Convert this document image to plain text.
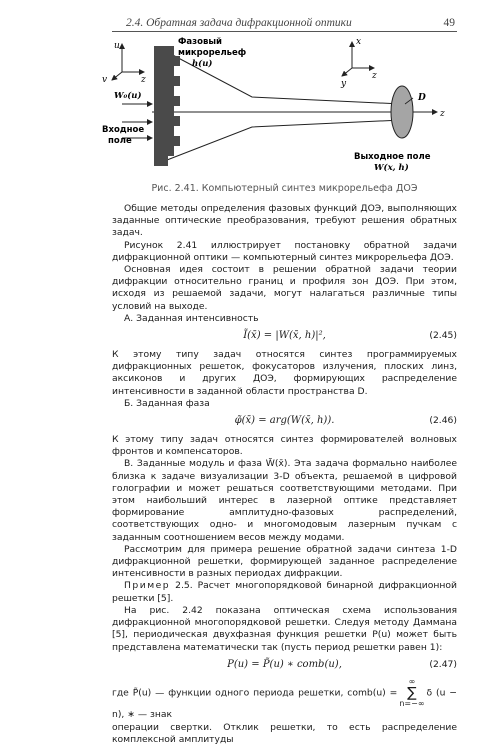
2.4. Обратная задача дифракционной оптики	49
u
v	z
Фазовый
микрорельеф
h(u)
W₀(u)
Входное
поле
D
x
y
z
z
Выходное поле
W(x, h)
Рис. 2.41. Компьютерный синтез микрорельефа ДОЭ

Общие методы определения фазовых функций ДОЭ, выполняющих заданные оптические преобразования, требуют решения обратных задач.

Рисунок 2.41 иллюстрирует постановку обратной задачи дифракционной оптики — компьютерный синтез микрорельефа ДОЭ.

Основная идея состоит в решении обратной задачи теории дифракции относительно границ и профиля зон ДОЭ. При этом, исходя из решаемой задачи, могут налагаться различные типы условий на выходе.

А. Заданная интенсивность

Ĩ(x̄) = |W(x̄, h)|²,	(2.45)

К этому типу задач относятся синтез программируемых дифракционных решеток, фокусаторов излучения, плоских линз, аксиконов и других ДОЭ, формирующих распределение интенсивности в заданной области пространства D.

Б. Заданная фаза

φ̃(x̄) = arg(W(x̄, h)).	(2.46)

К этому типу задач относятся синтез формирователей волновых фронтов и компенсаторов.

В. Заданные модуль и фаза W̃(x̄). Эта задача формально наиболее близка к задаче визуализации 3-D объекта, решаемой в цифровой голографии и может решаться соответствующими методами. При этом наибольший интерес в лазерной оптике представляет формирование амплитудно-фазовых распределений, соответствующих одно- и многомодовым лазерным пучкам с заданным соотношением весов между модами.

Рассмотрим для примера решение обратной задачи синтеза 1-D дифракционной решетки, формирующей заданное распределение интенсивности в разных периодах дифракции.

Пример 2.5. Расчет многопорядковой бинарной дифракционной решетки [5].

На рис. 2.42 показана оптическая схема использования дифракционной многопорядковой решетки. Следуя методу Даммана [5], периодическая двухфазная функция решетки P(u) может быть представлена математически так (пусть период решетки равен 1):

P(u) = P̃(u) ∗ comb(u),	(2.47)

где P̃(u) — функции одного периода решетки, comb(u) =∞
∑
n=−∞δ (u − n), ∗ — знак

операции свертки. Отклик решетки, то есть распределение комплексной амплитуды
